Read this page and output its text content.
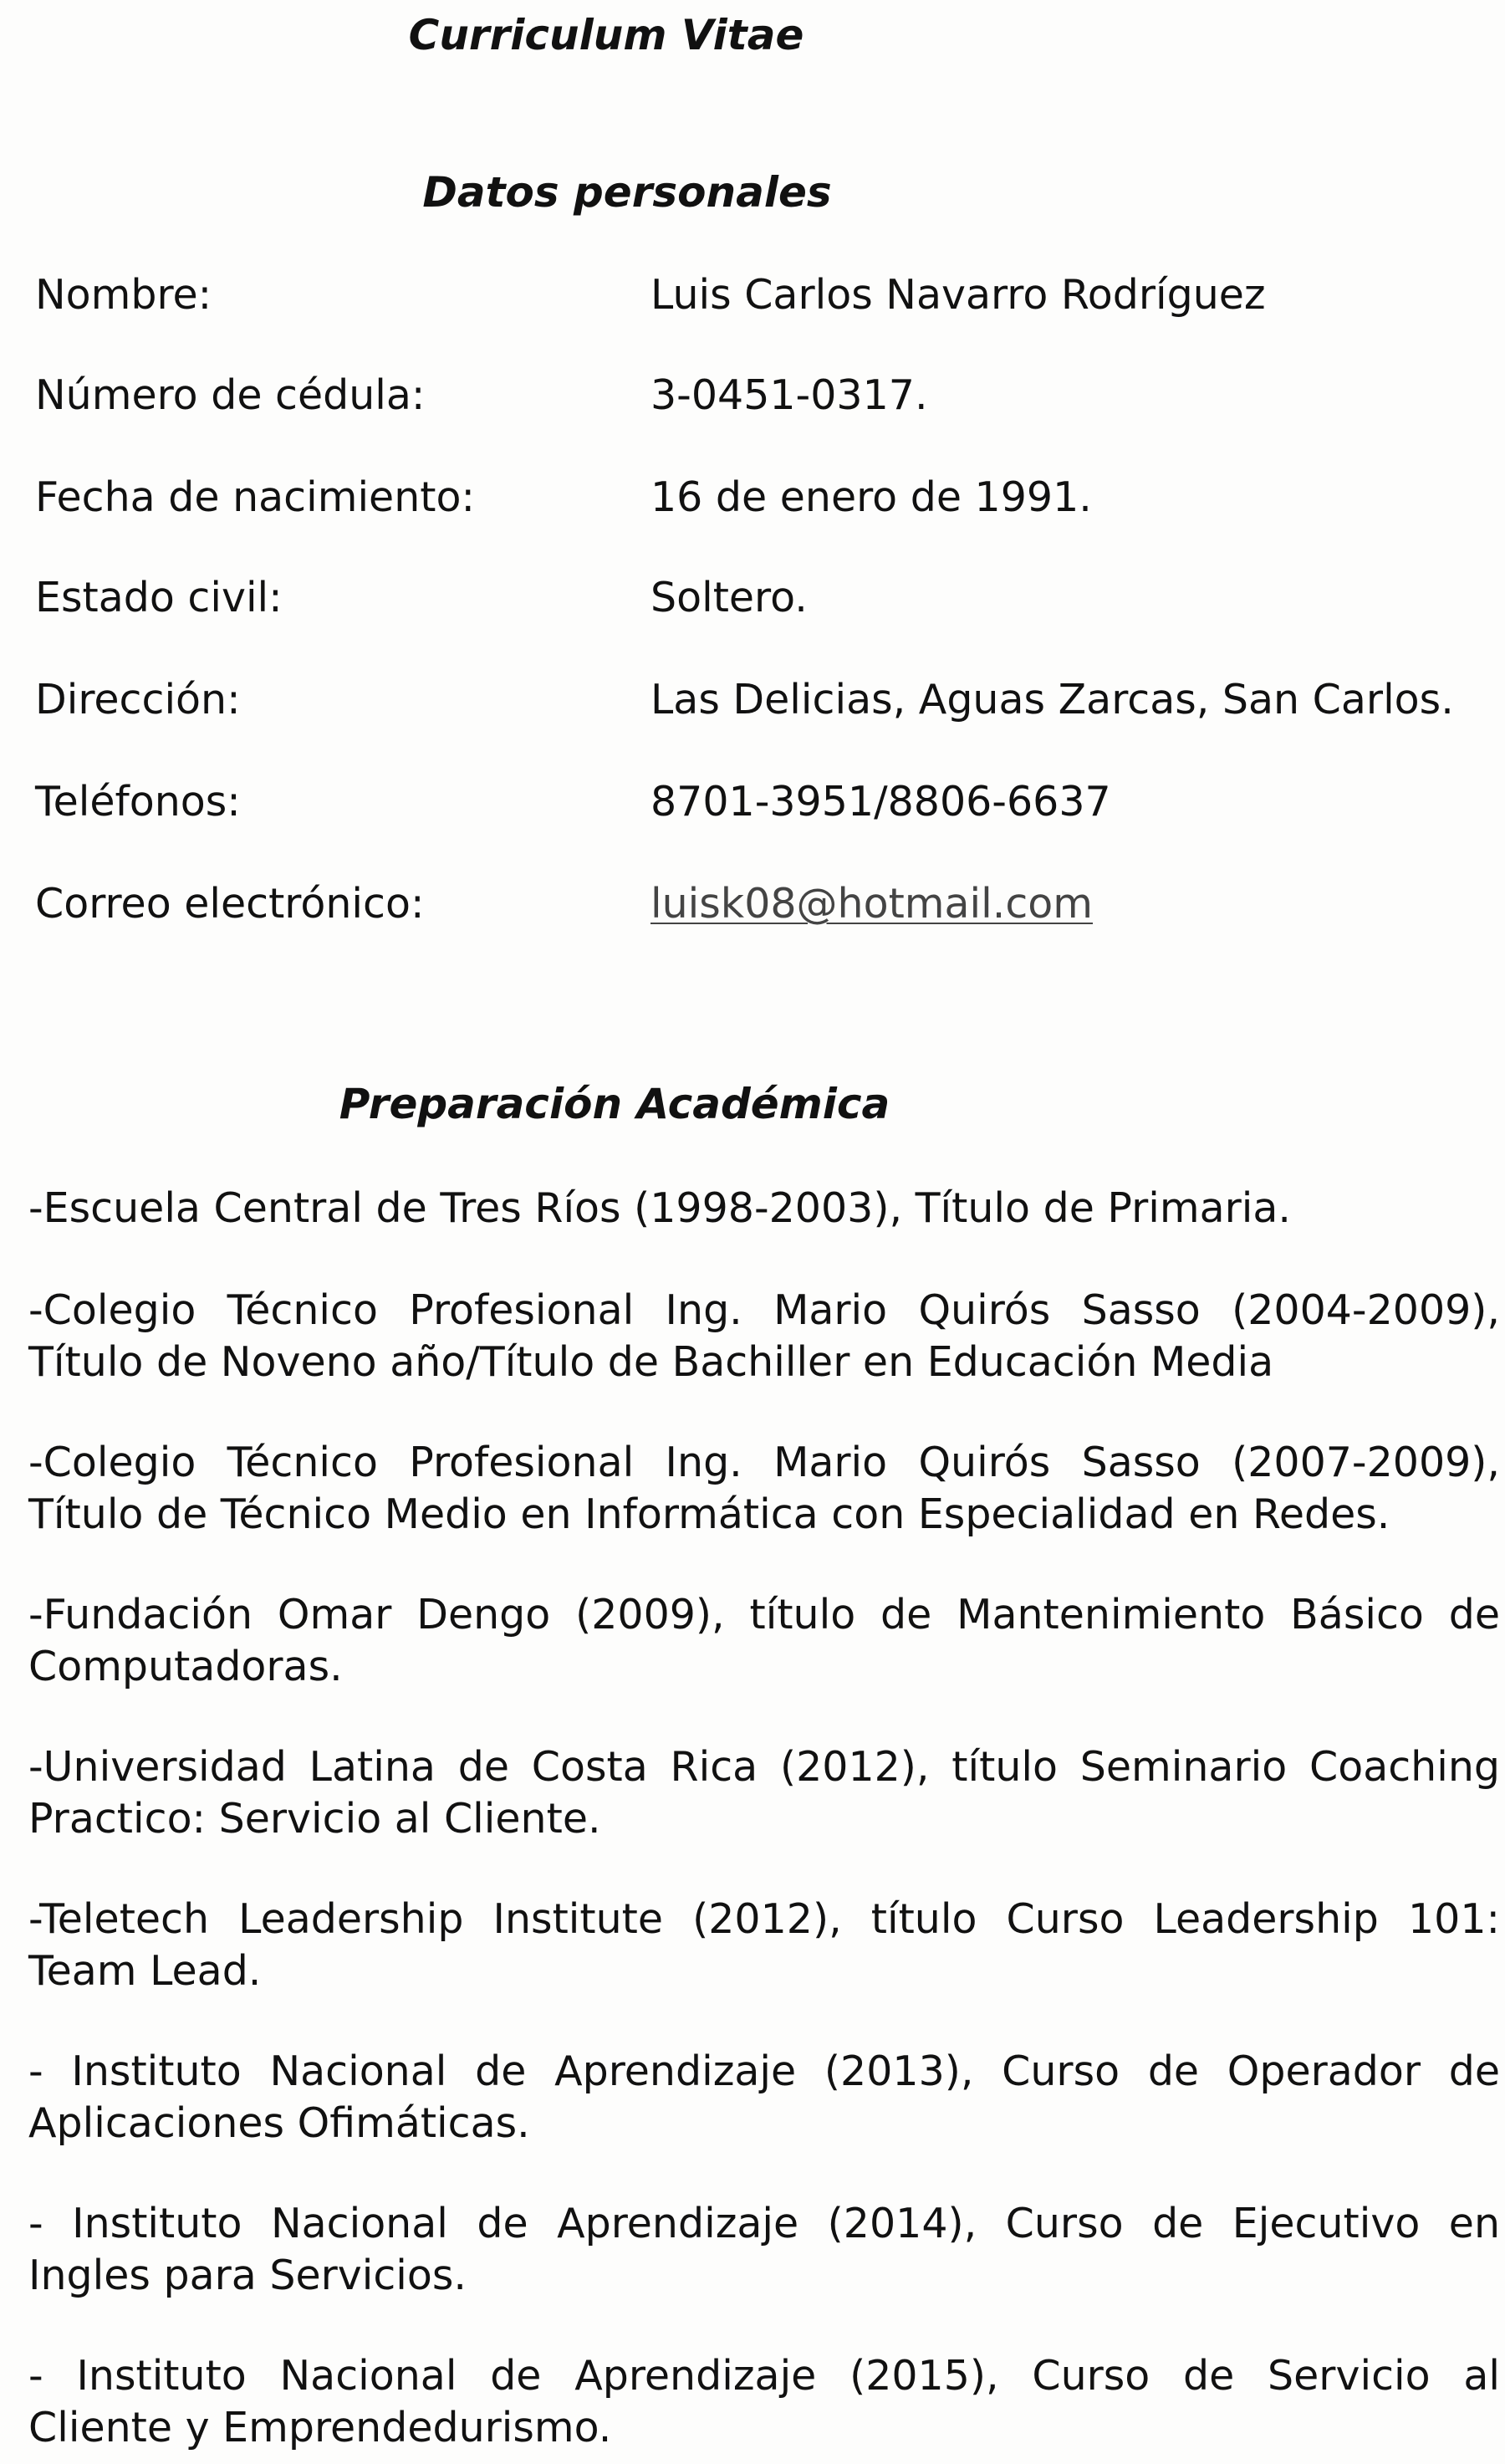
Curriculum Vitae
Datos personales
Nombre:	Luis Carlos Navarro Rodríguez
Número de cédula:	3-0451-0317.
Fecha de nacimiento:	16 de enero de 1991.
Estado civil:	Soltero.
Dirección:	Las Delicias, Aguas Zarcas, San Carlos.
Teléfonos:	8701-3951/8806-6637
Correo electrónico:	luisk08@hotmail.com
Preparación Académica

-Escuela Central de Tres Ríos (1998-2003), Título de Primaria.

-Colegio Técnico Profesional Ing. Mario Quirós Sasso (2004-2009),
Título de Noveno año/Título de Bachiller en Educación Media

-Colegio Técnico Profesional Ing. Mario Quirós Sasso (2007-2009),
Título de Técnico Medio en Informática con Especialidad en Redes.

-Fundación Omar Dengo (2009), título de Mantenimiento Básico de
Computadoras.

-Universidad Latina de Costa Rica (2012), título Seminario Coaching
Practico: Servicio al Cliente.

-Teletech Leadership Institute (2012), título Curso Leadership 101:
Team Lead.

- Instituto Nacional de Aprendizaje (2013), Curso de Operador de
Aplicaciones Ofimáticas.

- Instituto Nacional de Aprendizaje (2014), Curso de Ejecutivo en
Ingles para Servicios.

- Instituto Nacional de Aprendizaje (2015), Curso de Servicio al
Cliente y Emprendedurismo.
